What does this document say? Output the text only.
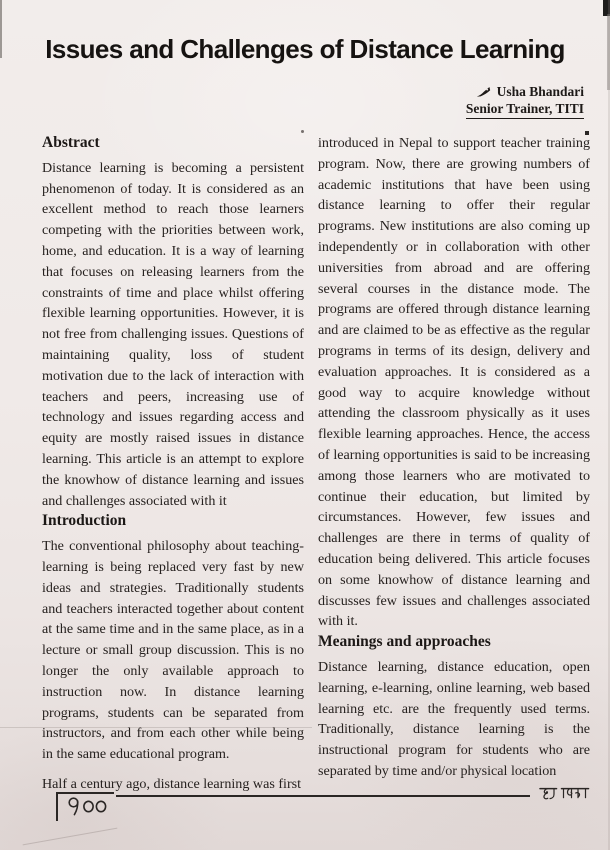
Issues and Challenges of Distance Learning
Usha Bhandari
Senior Trainer, TITI
Abstract

Distance learning is becoming a persistent phenomenon of today. It is considered as an excellent method to reach those learners competing with the priorities between work, home, and education. It is a way of learning that focuses on releasing learners from the constraints of time and place whilst offering flexible learning opportunities. However, it is not free from challenging issues. Questions of maintaining quality, loss of student motivation due to the lack of interaction with teachers and peers, increasing use of technology and issues regarding access and equity are mostly raised issues in distance learning. This article is an attempt to explore the knowhow of distance learning and issues and challenges associated with it

Introduction

The conventional philosophy about teaching-learning is being replaced very fast by new ideas and strategies. Traditionally students and teachers interacted together about content at the same time and in the same place, as in a lecture or small group discussion. This is no longer the only available approach to instruction now. In distance learning programs, students can be separated from instructors, and from each other while being in the same educational program.

Half a century ago, distance learning was first

introduced in Nepal to support teacher training program. Now, there are growing numbers of academic institutions that have been using distance learning to offer their regular programs. New institutions are also coming up independently or in collaboration with other universities from abroad and are offering several courses in the distance mode. The programs are offered through distance learning and are claimed to be as effective as the regular programs in terms of its design, delivery and evaluation approaches. It is considered as a good way to acquire knowledge without attending the classroom physically as it uses flexible learning approaches. Hence, the access of learning opportunities is said to be increasing among those learners who are motivated to continue their education, but limited by circumstances. However, few issues and challenges are there in terms of quality of education being delivered. This article focuses on some knowhow of distance learning and discusses few issues and challenges associated with it.

Meanings and approaches

Distance learning, distance education, open learning, e-learning, online learning, web based learning etc. are the frequently used terms. Traditionally, distance learning is the instructional program for students who are separated by time and/or physical location
